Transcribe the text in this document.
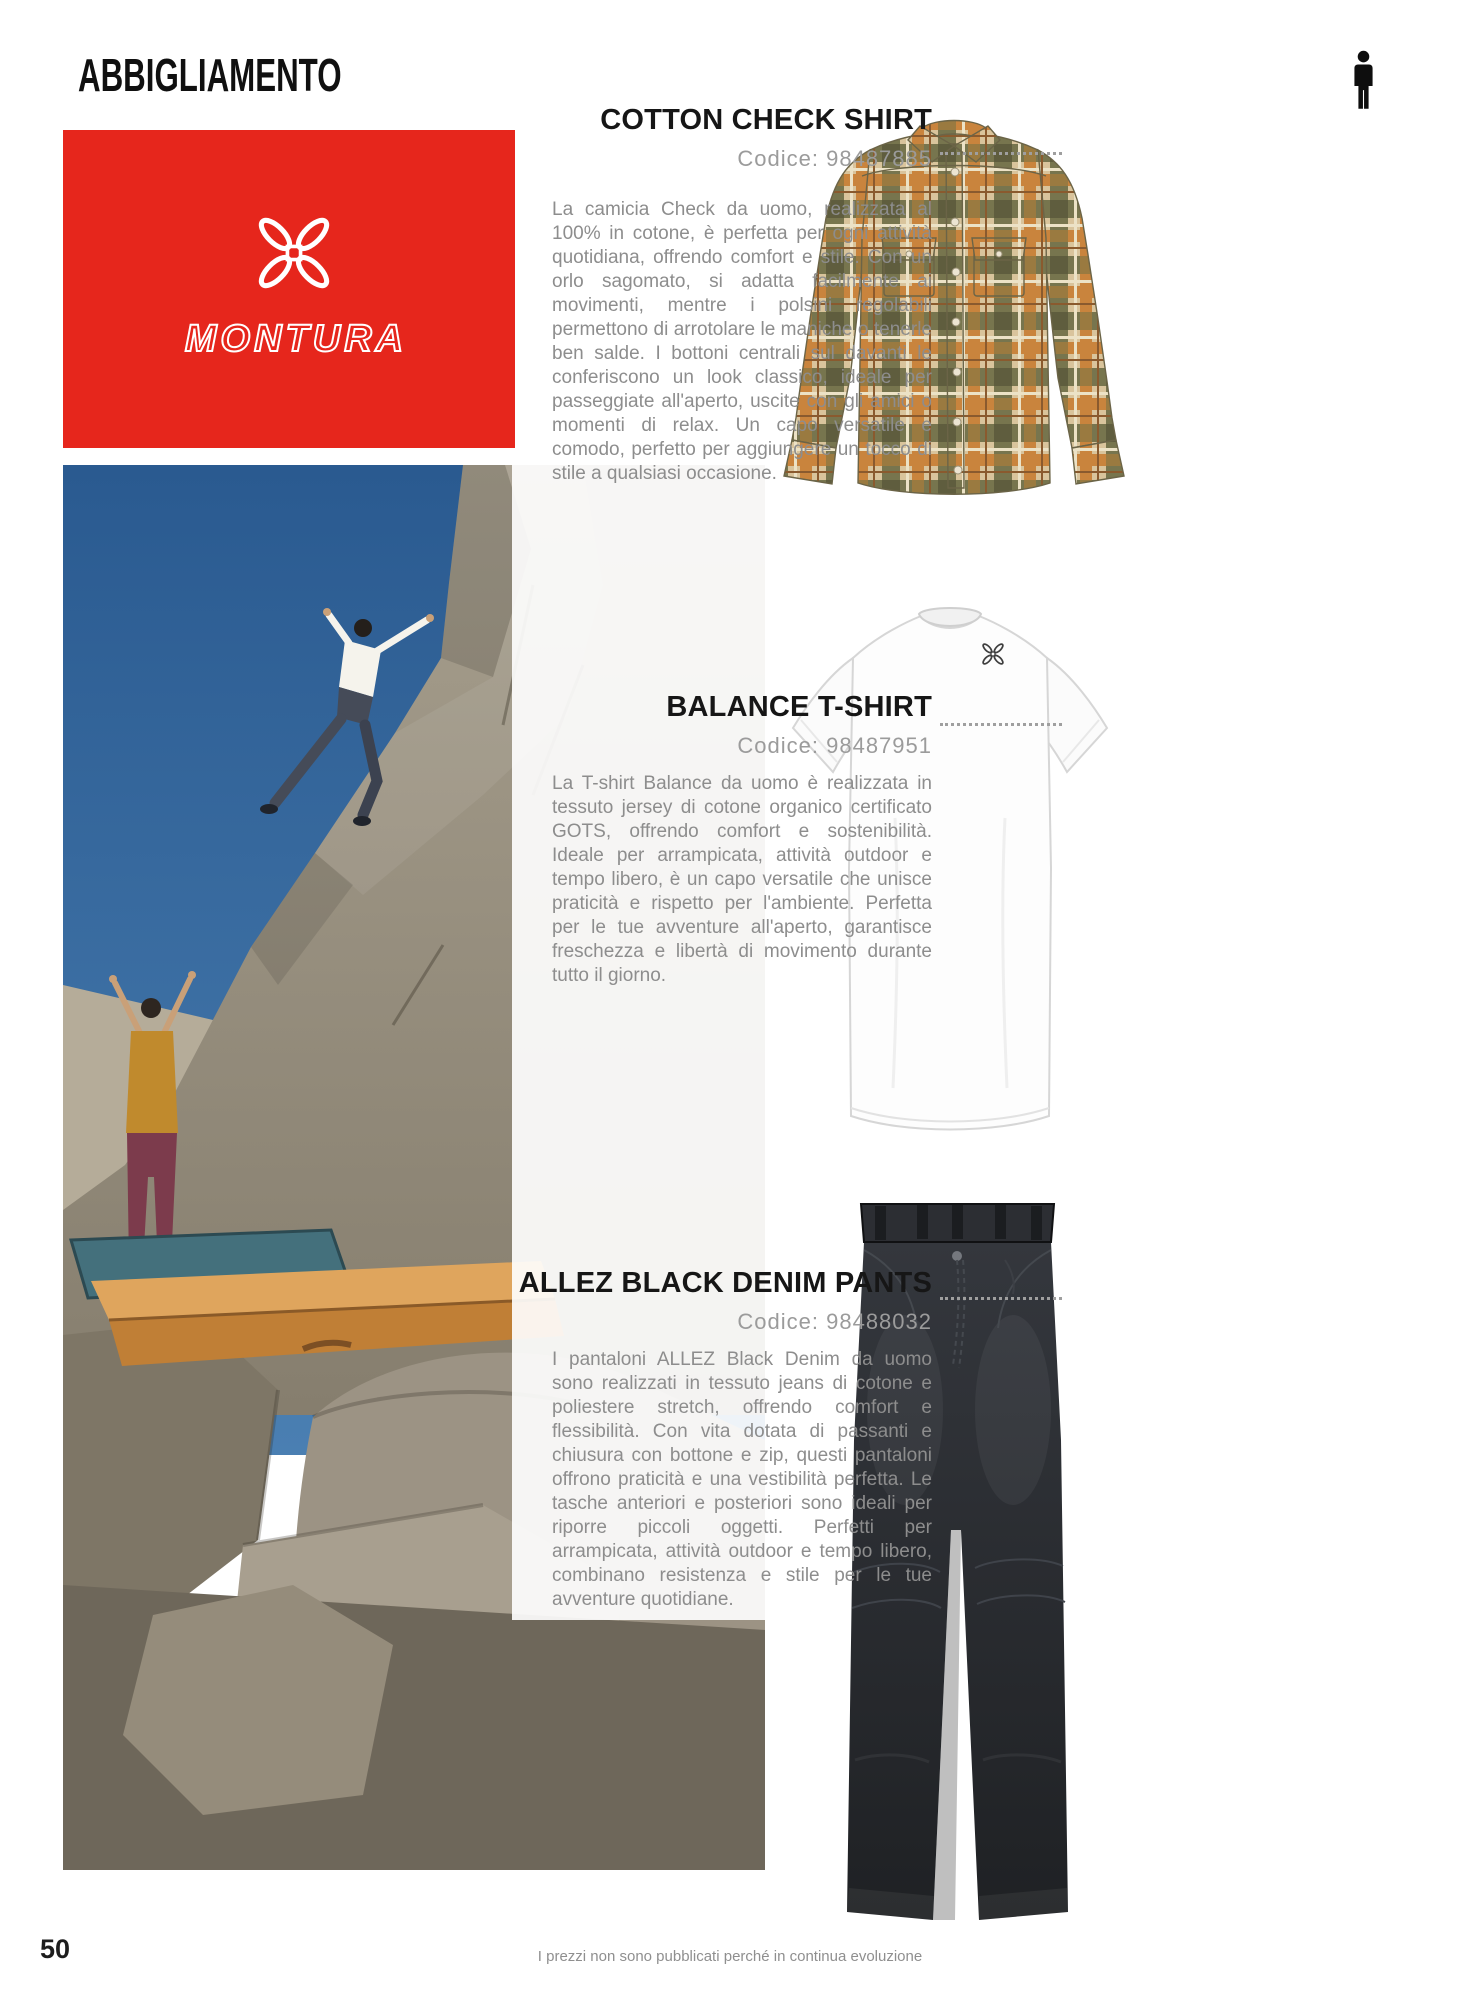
ABBIGLIAMENTO
MONTURA
COTTON CHECK SHIRT
Codice: 98487885

La camicia Check da uomo, realizzata al 100% in cotone, è perfetta per ogni attività quotidiana, offrendo comfort e stile. Con un orlo sagomato, si adatta facilmente ai movimenti, mentre i polsini regolabili permettono di arrotolare le maniche o tenerle ben salde. I bottoni centrali sul davanti le conferiscono un look classico, ideale per passeggiate all'aperto, uscite con gli amici o momenti di relax. Un capo versatile e comodo, perfetto per aggiungere un tocco di stile a qualsiasi occasione.

BALANCE T-SHIRT
Codice: 98487951

La T-shirt Balance da uomo è realizzata in tessuto jersey di cotone organico certificato GOTS, offrendo comfort e sostenibilità. Ideale per arrampicata, attività outdoor e tempo libero, è un capo versatile che unisce praticità e rispetto per l'ambiente. Perfetta per le tue avventure all'aperto, garantisce freschezza e libertà di movimento durante tutto il giorno.

ALLEZ BLACK DENIM PANTS
Codice: 98488032

I pantaloni ALLEZ Black Denim da uomo sono realizzati in tessuto jeans di cotone e poliestere stretch, offrendo comfort e flessibilità. Con vita dotata di passanti e chiusura con bottone e zip, questi pantaloni offrono praticità e una vestibilità perfetta. Le tasche anteriori e posteriori sono ideali per riporre piccoli oggetti. Perfetti per arrampicata, attività outdoor e tempo libero, combinano resistenza e stile per le tue avventure quotidiane.

50	I prezzi non sono pubblicati perché in continua evoluzione
